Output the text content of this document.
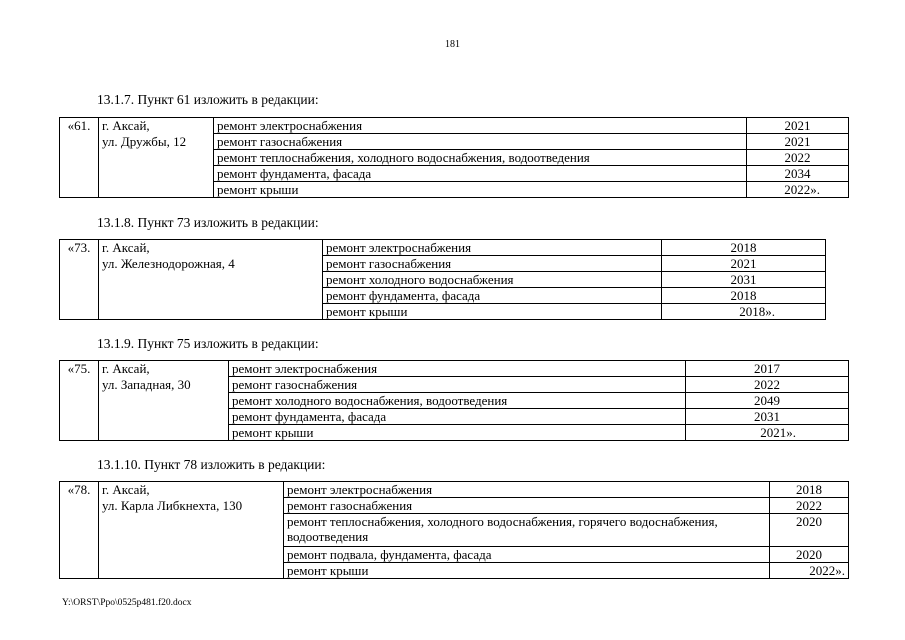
181
13.1.7. Пункт 61 изложить в редакции:
«61.	г. Аксай,
ул. Дружбы, 12	ремонт электроснабжения	2021
		ремонт газоснабжения	2021
		ремонт теплоснабжения, холодного водоснабжения, водоотведения	2022
		ремонт фундамента, фасада	2034
		ремонт крыши	2022».
13.1.8. Пункт 73 изложить в редакции:
«73.	г. Аксай,
ул. Железнодорожная, 4	ремонт электроснабжения	2018
		ремонт газоснабжения	2021
		ремонт холодного водоснабжения	2031
		ремонт фундамента, фасада	2018
		ремонт крыши	2018».
13.1.9. Пункт 75 изложить в редакции:
«75.	г. Аксай,
ул. Западная, 30	ремонт электроснабжения	2017
		ремонт газоснабжения	2022
		ремонт холодного водоснабжения, водоотведения	2049
		ремонт фундамента, фасада	2031
		ремонт крыши	2021».
13.1.10. Пункт 78 изложить в редакции:
«78.	г. Аксай,
ул. Карла Либкнехта, 130	ремонт электроснабжения	2018
		ремонт газоснабжения	2022
		ремонт теплоснабжения, холодного водоснабжения, горячего водоснабжения, водоотведения	2020
		ремонт подвала, фундамента, фасада	2020
		ремонт крыши	2022».
Y:\ORST\Ppo\0525p481.f20.docx
